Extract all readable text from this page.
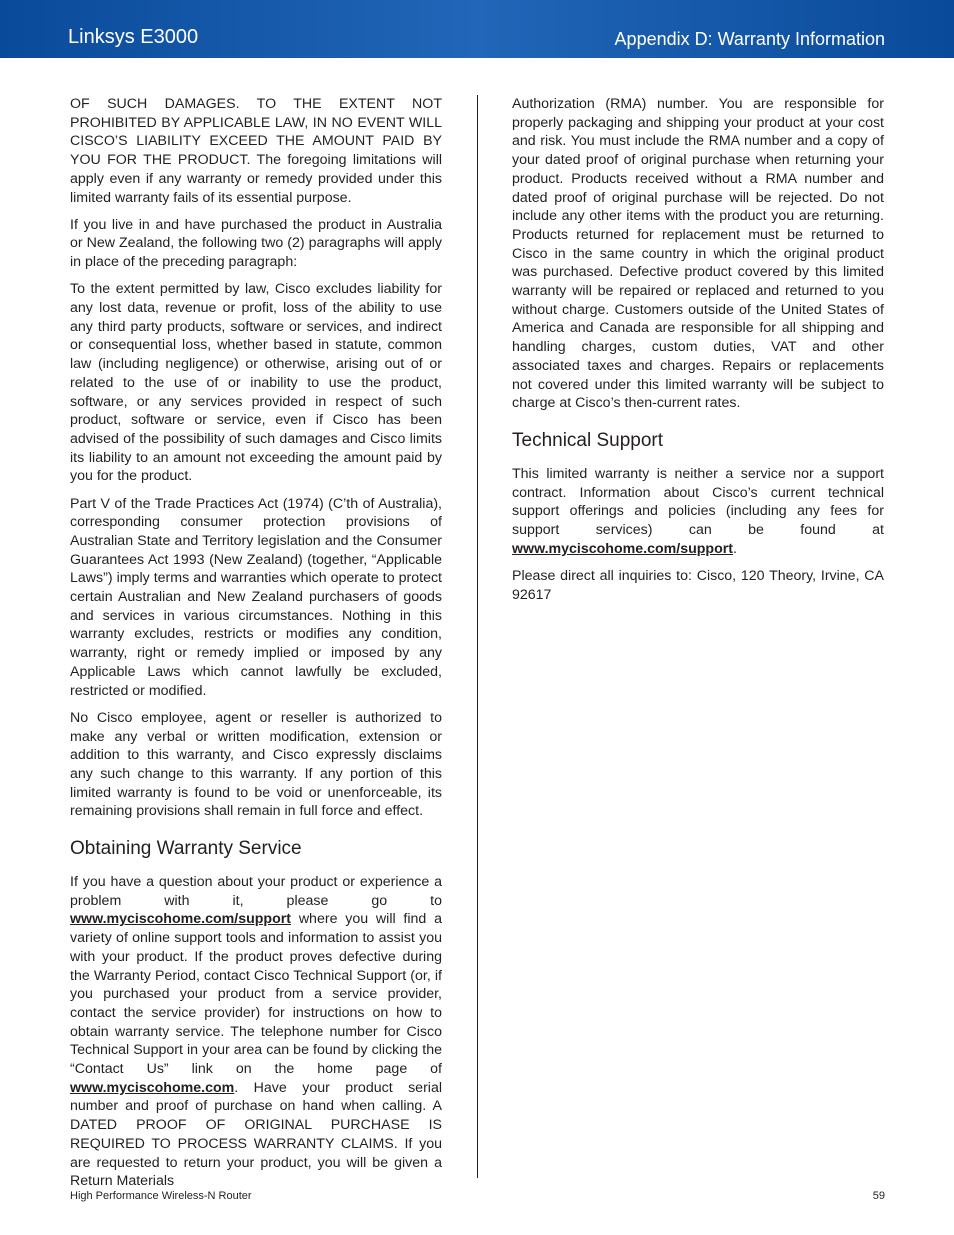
Linksys E3000	Appendix D: Warranty Information

OF SUCH DAMAGES. TO THE EXTENT NOT PROHIBITED BY APPLICABLE LAW, IN NO EVENT WILL CISCO’S LIABILITY EXCEED THE AMOUNT PAID BY YOU FOR THE PRODUCT. The foregoing limitations will apply even if any warranty or remedy provided under this limited warranty fails of its essential purpose.

If you live in and have purchased the product in Australia or New Zealand, the following two (2) paragraphs will apply in place of the preceding paragraph:

To the extent permitted by law, Cisco excludes liability for any lost data, revenue or profit, loss of the ability to use any third party products, software or services, and indirect or consequential loss, whether based in statute, common law (including negligence) or otherwise, arising out of or related to the use of or inability to use the product, software, or any services provided in respect of such product, software or service, even if Cisco has been advised of the possibility of such damages and Cisco limits its liability to an amount not exceeding the amount paid by you for the product.

Part V of the Trade Practices Act (1974) (C’th of Australia), corresponding consumer protection provisions of Australian State and Territory legislation and the Consumer Guarantees Act 1993 (New Zealand) (together, “Applicable Laws”) imply terms and warranties which operate to protect certain Australian and New Zealand purchasers of goods and services in various circumstances. Nothing in this warranty excludes, restricts or modifies any condition, warranty, right or remedy implied or imposed by any Applicable Laws which cannot lawfully be excluded, restricted or modified.

No Cisco employee, agent or reseller is authorized to make any verbal or written modification, extension or addition to this warranty, and Cisco expressly disclaims any such change to this warranty. If any portion of this limited warranty is found to be void or unenforceable, its remaining provisions shall remain in full force and effect.

Obtaining Warranty Service

If you have a question about your product or experience a problem with it, please go to www.myciscohome.com/support where you will find a variety of online support tools and information to assist you with your product. If the product proves defective during the Warranty Period, contact Cisco Technical Support (or, if you purchased your product from a service provider, contact the service provider) for instructions on how to obtain warranty service. The telephone number for Cisco Technical Support in your area can be found by clicking the “Contact Us” link on the home page of www.myciscohome.com. Have your product serial number and proof of purchase on hand when calling. A DATED PROOF OF ORIGINAL PURCHASE IS REQUIRED TO PROCESS WARRANTY CLAIMS. If you are requested to return your product, you will be given a Return Materials

Authorization (RMA) number. You are responsible for properly packaging and shipping your product at your cost and risk. You must include the RMA number and a copy of your dated proof of original purchase when returning your product. Products received without a RMA number and dated proof of original purchase will be rejected. Do not include any other items with the product you are returning. Products returned for replacement must be returned to Cisco in the same country in which the original product was purchased. Defective product covered by this limited warranty will be repaired or replaced and returned to you without charge. Customers outside of the United States of America and Canada are responsible for all shipping and handling charges, custom duties, VAT and other associated taxes and charges. Repairs or replacements not covered under this limited warranty will be subject to charge at Cisco’s then-current rates.

Technical Support

This limited warranty is neither a service nor a support contract. Information about Cisco’s current technical support offerings and policies (including any fees for support services) can be found at www.myciscohome.com/support.

Please direct all inquiries to: Cisco, 120 Theory, Irvine, CA 92617

High Performance Wireless-N Router	59
